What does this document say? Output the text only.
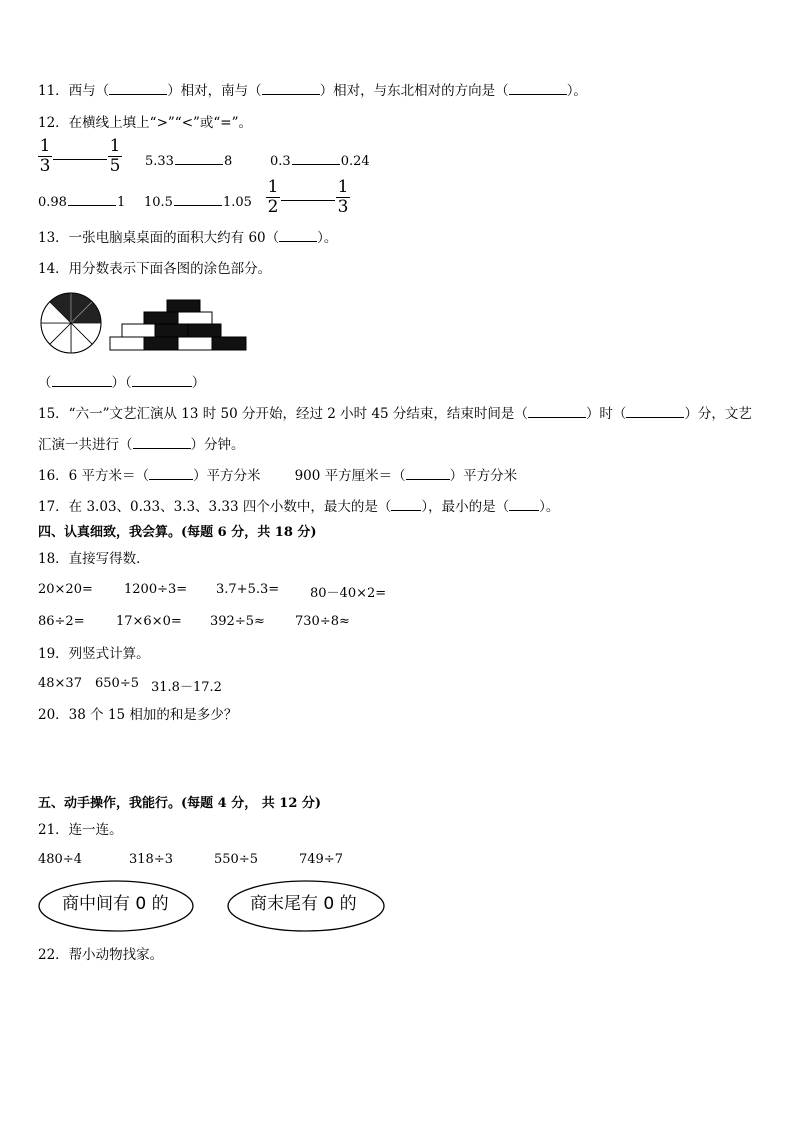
11．西与（	）相对，南与（	）相对，与东北相对的方向是（	）。
12．在横线上填上“>”“<”或“=”。
$\frac{1}{3}$	$\frac{1}{5} 5.33$	8	0.3	0.24
0.98	1 10.5	$1.05 \frac{1}{2}$	$\frac{1}{3}$
13．一张电脑桌桌面的面积大约有 60（	）。
14．用分数表示下面各图的涂色部分。
（	）（	）
15．“六一”文艺汇演从 13 时 50 分开始，经过 2 小时 45 分结束，结束时间是（	）时（	）分，文艺
汇演一共进行（	）分钟。
16．6 平方米＝（	）平方分米	900 平方厘米＝（	）平方分米
17．在 3.03、0.33、3.3、3.33 四个小数中，最大的是（ ），最小的是（ ）。
四、认真细致，我会算。(每题 6 分，共 18 分)
18．直接写得数．
20×20= 1200÷3= 3.7+5.3= 80－40×2=
86÷2= 17×6×0= 392÷5≈ 730÷8≈
19．列竖式计算。
48×37 650÷5 31.8－17.2
20．38 个 15 相加的和是多少？
五、动手操作，我能行。(每题 4 分， 共 12 分)
21．连一连。
480÷4	318÷3	550÷5	749÷7
商中间有 0 的	商末尾有 0 的
22．帮小动物找家。
